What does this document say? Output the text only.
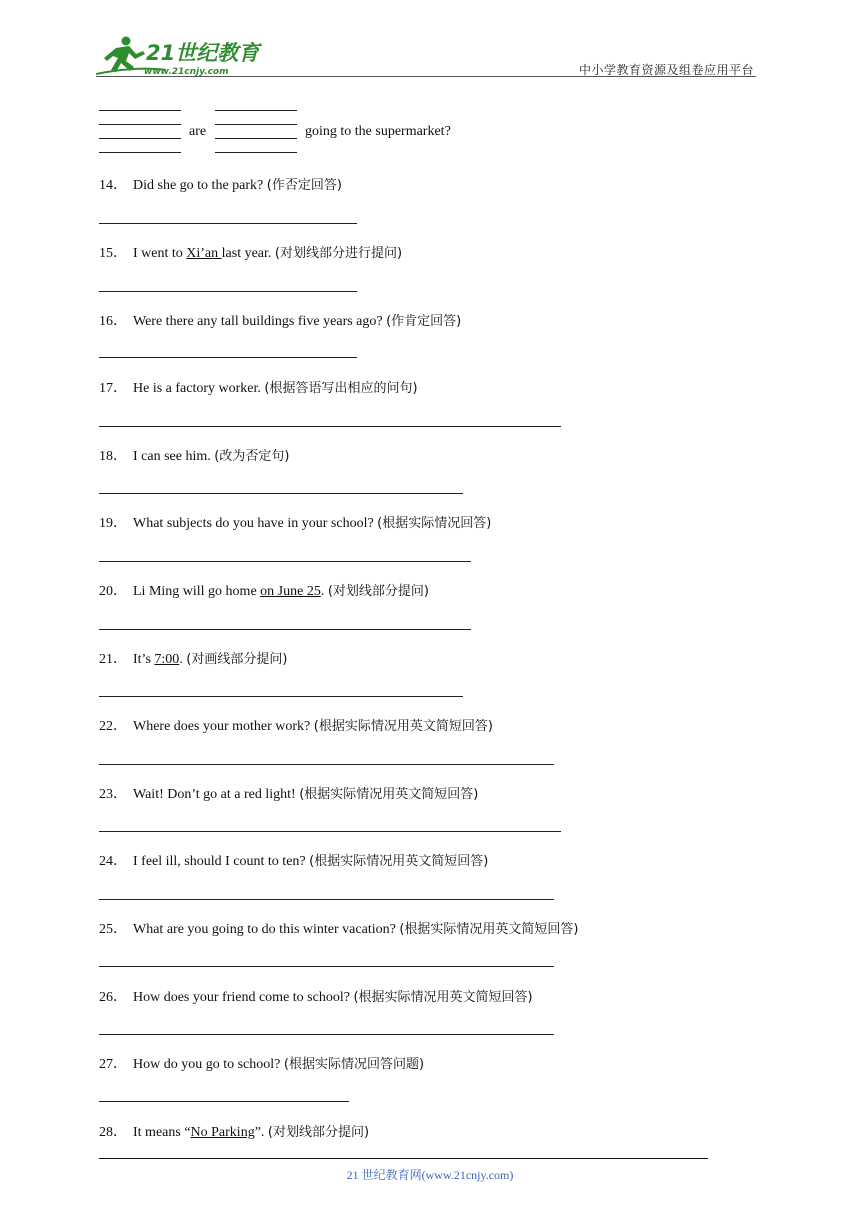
21世纪教育
www.21cnjy.com	中小学教育资源及组卷应用平台
are	going to the supermarket?
14． Did she go to the park? (作否定回答)
15． I went to Xi’an last year. (对划线部分进行提问)
16． Were there any tall buildings five years ago? (作肯定回答)
17． He is a factory worker. (根据答语写出相应的问句)
18． I can see him. (改为否定句)
19． What subjects do you have in your school? (根据实际情况回答)
20． Li Ming will go home on June 25. (对划线部分提问)
21． It’s 7:00. (对画线部分提问)
22． Where does your mother work? (根据实际情况用英文简短回答)
23． Wait! Don’t go at a red light! (根据实际情况用英文简短回答)
24． I feel ill, should I count to ten? (根据实际情况用英文简短回答)
25． What are you going to do this winter vacation? (根据实际情况用英文简短回答)
26． How does your friend come to school? (根据实际情况用英文简短回答)
27． How do you go to school? (根据实际情况回答问题)
28． It means “No Parking”. (对划线部分提问)
21 世纪教育网(www.21cnjy.com)
